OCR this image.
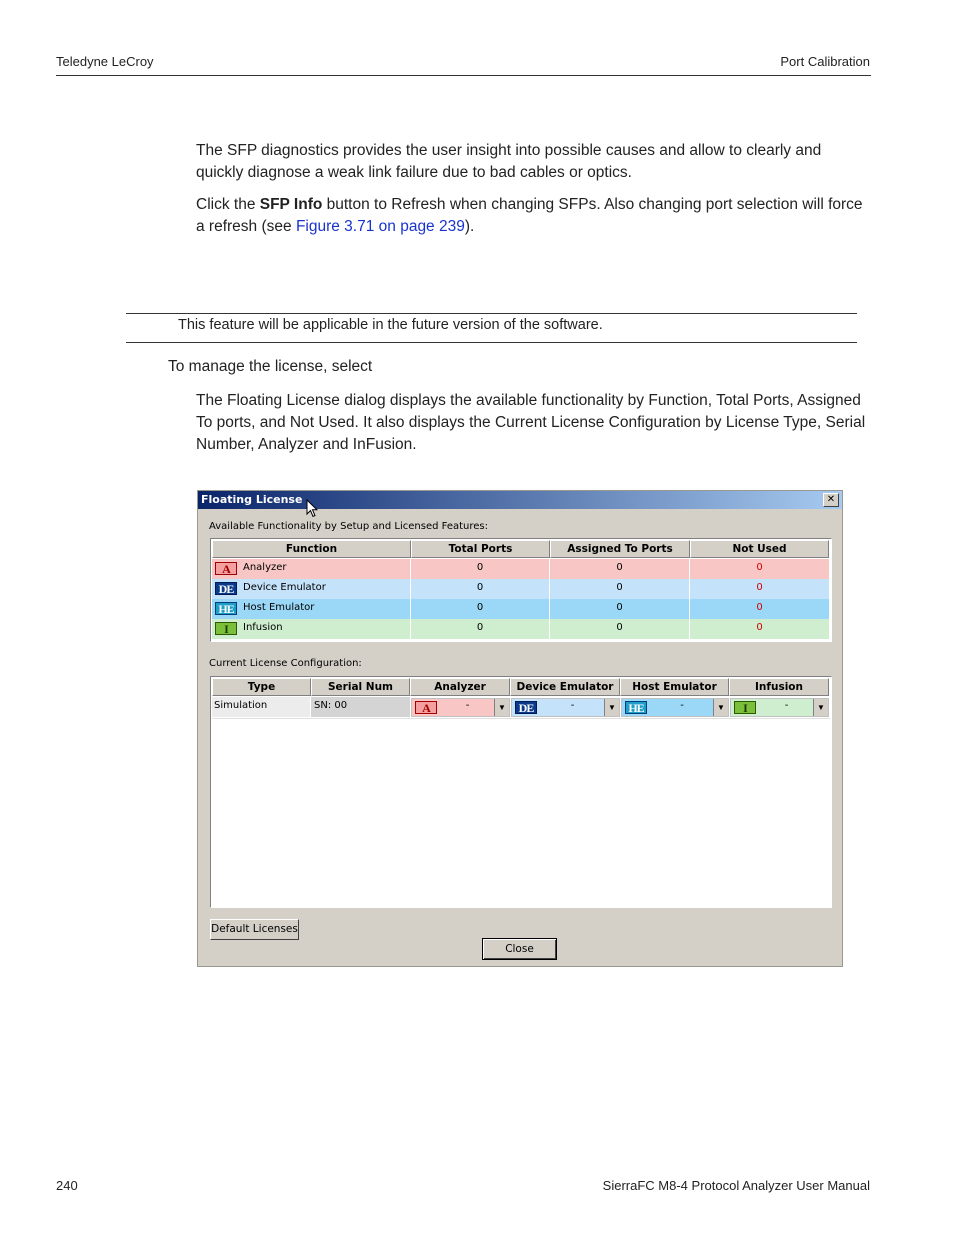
Teledyne LeCroy	Port Calibration
The SFP diagnostics provides the user insight into possible causes and allow to clearly and quickly diagnose a weak link failure due to bad cables or optics.
Click the SFP Info button to Refresh when changing SFPs. Also changing port selection will force a refresh (see Figure 3.71 on page 239).
This feature will be applicable in the future version of the software.
To manage the license, select
The Floating License dialog displays the available functionality by Function, Total Ports, Assigned To ports, and Not Used. It also displays the Current License Configuration by License Type, Serial Number, Analyzer and InFusion.
Floating License	✕
Available Functionality by Setup and Licensed Features:
Function	Total Ports	Assigned To Ports	Not Used
A	Analyzer	0	0	0
DE Device Emulator	0	0	0
HE Host Emulator	0	0	0
I	Infusion	0	0	0
Current License Configuration:
Type	Serial Num	Analyzer	Device Emulator	Host Emulator	Infusion
Simulation	SN: 00	A	-	▼	DE	-	▼ HE	-	▼	I	-	▼
Default Licenses
Close
240	SierraFC M8-4 Protocol Analyzer User Manual
